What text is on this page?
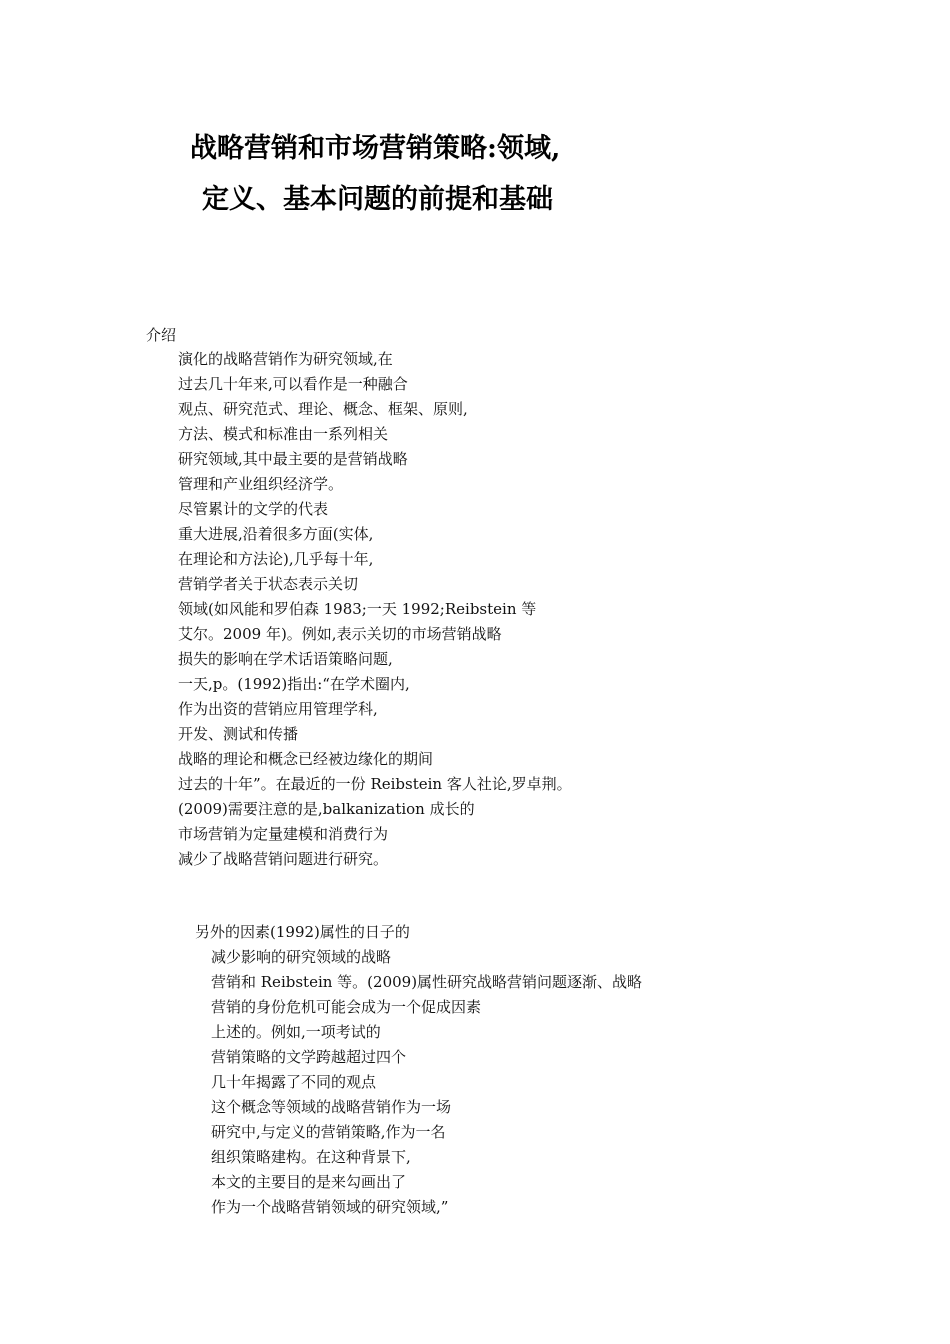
战略营销和市场营销策略:领域,
定义、基本问题的前提和基础
介绍
演化的战略营销作为研究领域,在
过去几十年来,可以看作是一种融合
观点、研究范式、理论、概念、框架、原则,
方法、模式和标准由一系列相关
研究领域,其中最主要的是营销战略
管理和产业组织经济学。
尽管累计的文学的代表
重大进展,沿着很多方面(实体,
在理论和方法论),几乎每十年,
营销学者关于状态表示关切
领域(如风能和罗伯森 1983;一天 1992;Reibstein 等
艾尔。2009 年)。例如,表示关切的市场营销战略
损失的影响在学术话语策略问题,
一天,p。(1992)指出:“在学术圈内,
作为出资的营销应用管理学科,
开发、测试和传播
战略的理论和概念已经被边缘化的期间
过去的十年”。在最近的一份 Reibstein 客人社论,罗卓荆。
(2009)需要注意的是,balkanization 成长的
市场营销为定量建模和消费行为
减少了战略营销问题进行研究。
另外的因素(1992)属性的日子的
减少影响的研究领域的战略
营销和 Reibstein 等。(2009)属性研究战略营销问题逐渐、战略
营销的身份危机可能会成为一个促成因素
上述的。例如,一项考试的
营销策略的文学跨越超过四个
几十年揭露了不同的观点
这个概念等领域的战略营销作为一场
研究中,与定义的营销策略,作为一名
组织策略建构。在这种背景下,
本文的主要目的是来勾画出了
作为一个战略营销领域的研究领域,”
